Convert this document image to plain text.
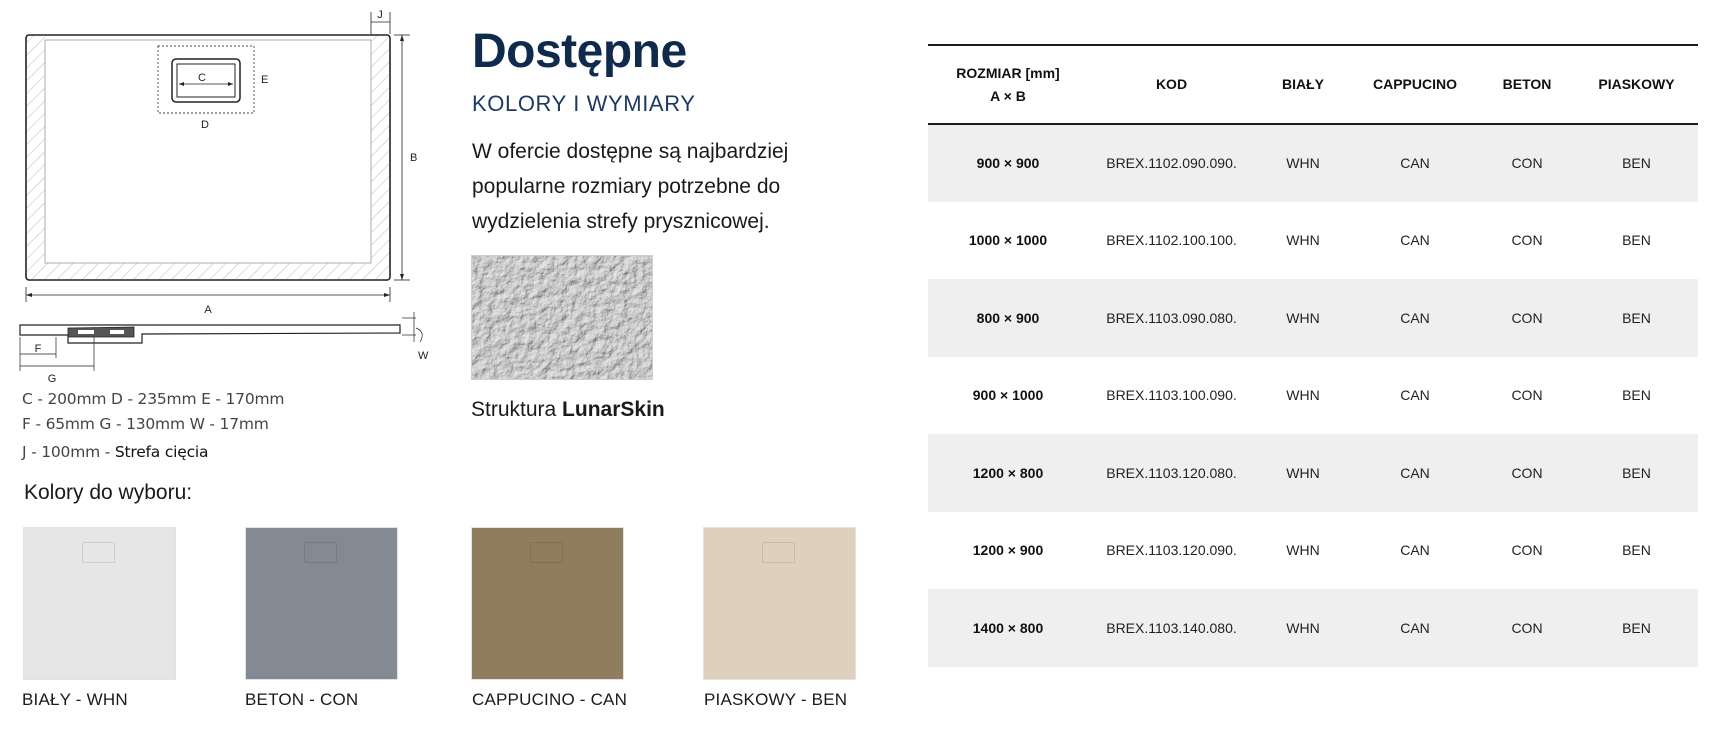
C	E
D
B
J
A
W
F
G
C - 200mm D - 235mm E - 170mm
F - 65mm G - 130mm W - 17mm
J - 100mm - Strefa cięcia
Dostępne
KOLORY I WYMIARY
W ofercie dostępne są najbardziej popularne rozmiary potrzebne do wydzielenia strefy prysznicowej.
Struktura LunarSkin
Kolory do wyboru:
BIAŁY - WHN	BETON - CON	CAPPUCINO - CAN	PIASKOWY - BEN
ROZMIAR [mm]
A × B	KOD	BIAŁY	CAPPUCINO	BETON	PIASKOWY
900 × 900	BREX.1102.090.090.	WHN	CAN	CON	BEN
1000 × 1000	BREX.1102.100.100.	WHN	CAN	CON	BEN
800 × 900	BREX.1103.090.080.	WHN	CAN	CON	BEN
900 × 1000	BREX.1103.100.090.	WHN	CAN	CON	BEN
1200 × 800	BREX.1103.120.080.	WHN	CAN	CON	BEN
1200 × 900	BREX.1103.120.090.	WHN	CAN	CON	BEN
1400 × 800	BREX.1103.140.080.	WHN	CAN	CON	BEN
